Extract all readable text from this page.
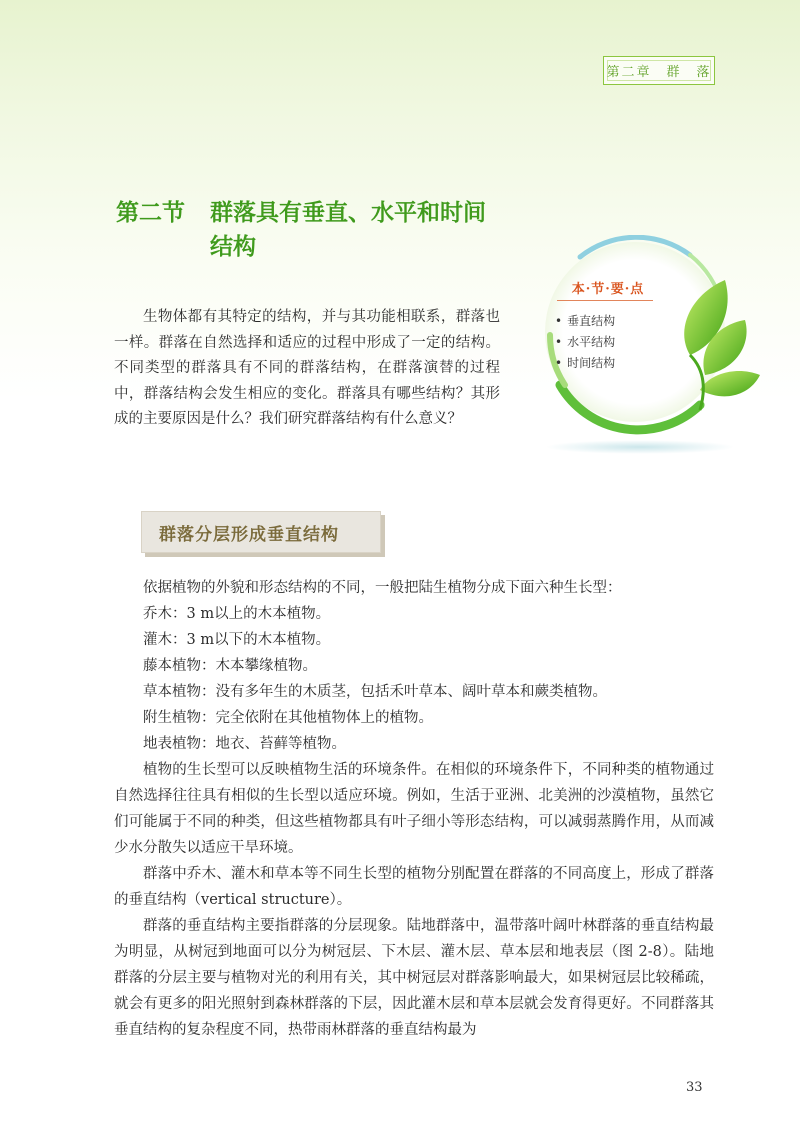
第二章　群　落
第二节 群落具有垂直、水平和时间
结构
本·节·要·点
• 垂直结构
• 水平结构
• 时间结构

生物体都有其特定的结构，并与其功能相联系，群落也一样。群落在自然选择和适应的过程中形成了一定的结构。不同类型的群落具有不同的群落结构，在群落演替的过程中，群落结构会发生相应的变化。群落具有哪些结构？其形成的主要原因是什么？我们研究群落结构有什么意义？

群落分层形成垂直结构

依据植物的外貌和形态结构的不同，一般把陆生植物分成下面六种生长型：

乔木：3 m以上的木本植物。

灌木：3 m以下的木本植物。

藤本植物：木本攀缘植物。

草本植物：没有多年生的木质茎，包括禾叶草本、阔叶草本和蕨类植物。

附生植物：完全依附在其他植物体上的植物。

地表植物：地衣、苔藓等植物。

植物的生长型可以反映植物生活的环境条件。在相似的环境条件下，不同种类的植物通过自然选择往往具有相似的生长型以适应环境。例如，生活于亚洲、北美洲的沙漠植物，虽然它们可能属于不同的种类，但这些植物都具有叶子细小等形态结构，可以减弱蒸腾作用，从而减少水分散失以适应干旱环境。

群落中乔木、灌木和草本等不同生长型的植物分别配置在群落的不同高度上，形成了群落的垂直结构（vertical structure）。

群落的垂直结构主要指群落的分层现象。陆地群落中，温带落叶阔叶林群落的垂直结构最为明显，从树冠到地面可以分为树冠层、下木层、灌木层、草本层和地表层（图 2-8）。陆地群落的分层主要与植物对光的利用有关，其中树冠层对群落影响最大，如果树冠层比较稀疏，就会有更多的阳光照射到森林群落的下层，因此灌木层和草本层就会发育得更好。不同群落其垂直结构的复杂程度不同，热带雨林群落的垂直结构最为

33
